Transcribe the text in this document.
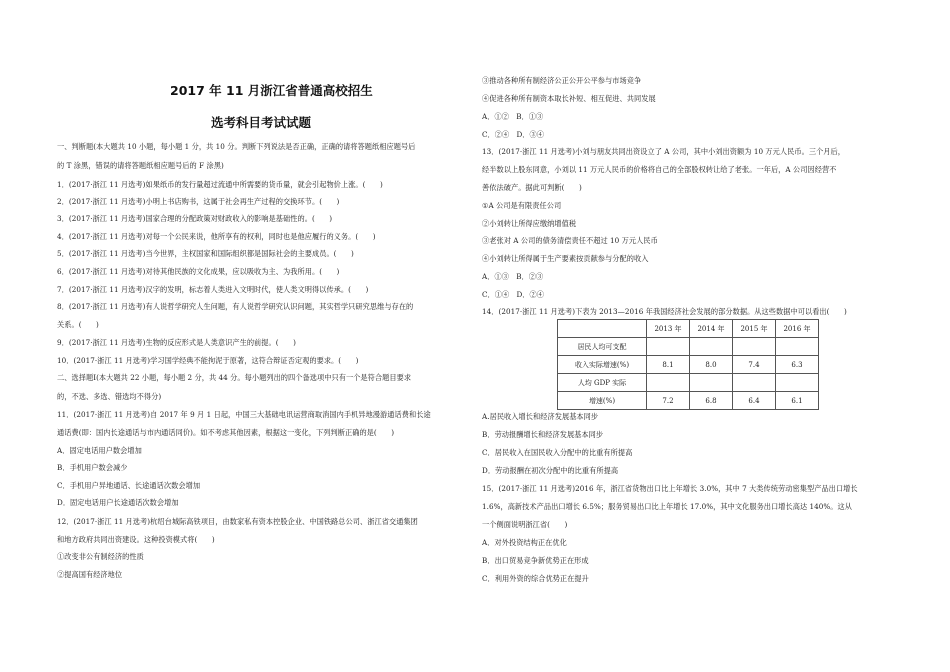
2017 年 11 月浙江省普通高校招生
选考科目考试试题
一、判断题(本大题共 10 小题，每小题 1 分，共 10 分。判断下列说法是否正确，正确的请将答题纸相应题号后
的 T 涂黑，错误的请将答题纸相应题号后的 F 涂黑)
1．(2017·浙江 11 月选考)如果纸币的发行量超过流通中所需要的货币量，就会引起物价上涨。(　　)
2．(2017·浙江 11 月选考)小明上书店购书，这属于社会再生产过程的交换环节。(　　)
3．(2017·浙江 11 月选考)国家合理的分配政策对财政收入的影响是基础性的。(　　)
4．(2017·浙江 11 月选考)对每一个公民来说，他所享有的权利，同时也是他应履行的义务。(　　)
5．(2017·浙江 11 月选考)当今世界，主权国家和国际组织都是国际社会的主要成员。(　　)
6．(2017·浙江 11 月选考)对待其他民族的文化成果，应以吸收为主、为我所用。(　　)
7．(2017·浙江 11 月选考)汉字的发明，标志着人类进入文明时代，使人类文明得以传承。(　　)
8．(2017·浙江 11 月选考)有人说哲学研究人生问题，有人说哲学研究认识问题，其实哲学只研究思维与存在的
关系。(　　)
9．(2017·浙江 11 月选考)生物的反应形式是人类意识产生的前提。(　　)
10．(2017·浙江 11 月选考)学习国学经典不能拘泥于原著，这符合辩证否定观的要求。(　　)
二、选择题Ⅰ(本大题共 22 小题，每小题 2 分，共 44 分。每小题列出的四个备选项中只有一个是符合题目要求
的，不选、多选、错选均不得分)
11．(2017·浙江 11 月选考)自 2017 年 9 月 1 日起，中国三大基础电讯运营商取消国内手机异地漫游通话费和长途
通话费(即：国内长途通话与市内通话同价)。如不考虑其他因素，根据这一变化，下列判断正确的是(　　)
A．固定电话用户数会增加
B．手机用户数会减少
C．手机用户异地通话、长途通话次数会增加
D．固定电话用户长途通话次数会增加
12．(2017·浙江 11 月选考)杭绍台城际高铁项目，由数家私有资本控股企业、中国铁路总公司、浙江省交通集团
和地方政府共同出资建设。这种投资模式将(　　)
①改变非公有制经济的性质
②提高国有经济地位
③推动各种所有制经济公正公开公平参与市场竞争
④促进各种所有制资本取长补短、相互促进、共同发展
A．①②　B．①③
C．②④　D．③④
13．(2017·浙江 11 月选考)小刘与朋友共同出资设立了 A 公司，其中小刘出资额为 10 万元人民币。三个月后，
经半数以上股东同意，小刘以 11 万元人民币的价格将自己的全部股权转让给了老张。一年后，A 公司因经营不
善依法破产。据此可判断(　　)
①A 公司是有限责任公司
②小刘转让所得应缴纳增值税
③老张对 A 公司的债务清偿责任不超过 10 万元人民币
④小刘转让所得属于生产要素按贡献参与分配的收入
A．①③　B．②③
C．①④　D．②④
14．(2017·浙江 11 月选考)下表为 2013—2016 年我国经济社会发展的部分数据。从这些数据中可以看出(　　)
	2013 年	2014 年	2015 年	2016 年
居民人均可支配				
收入实际增速(%)	8.1	8.0	7.4	6.3
人均 GDP 实际				
增速(%)	7.2	6.8	6.4	6.1
A.居民收入增长和经济发展基本同步
B．劳动报酬增长和经济发展基本同步
C．居民收入在国民收入分配中的比重有所提高
D．劳动报酬在初次分配中的比重有所提高
15．(2017·浙江 11 月选考)2016 年，浙江省货物出口比上年增长 3.0%，其中 7 大类传统劳动密集型产品出口增长
1.6%，高新技术产品出口增长 6.5%；服务贸易出口比上年增长 17.0%，其中文化服务出口增长高达 140%。这从
一个侧面说明浙江省(　　)
A．对外投资结构正在优化
B．出口贸易竞争新优势正在形成
C．利用外资的综合优势正在提升
